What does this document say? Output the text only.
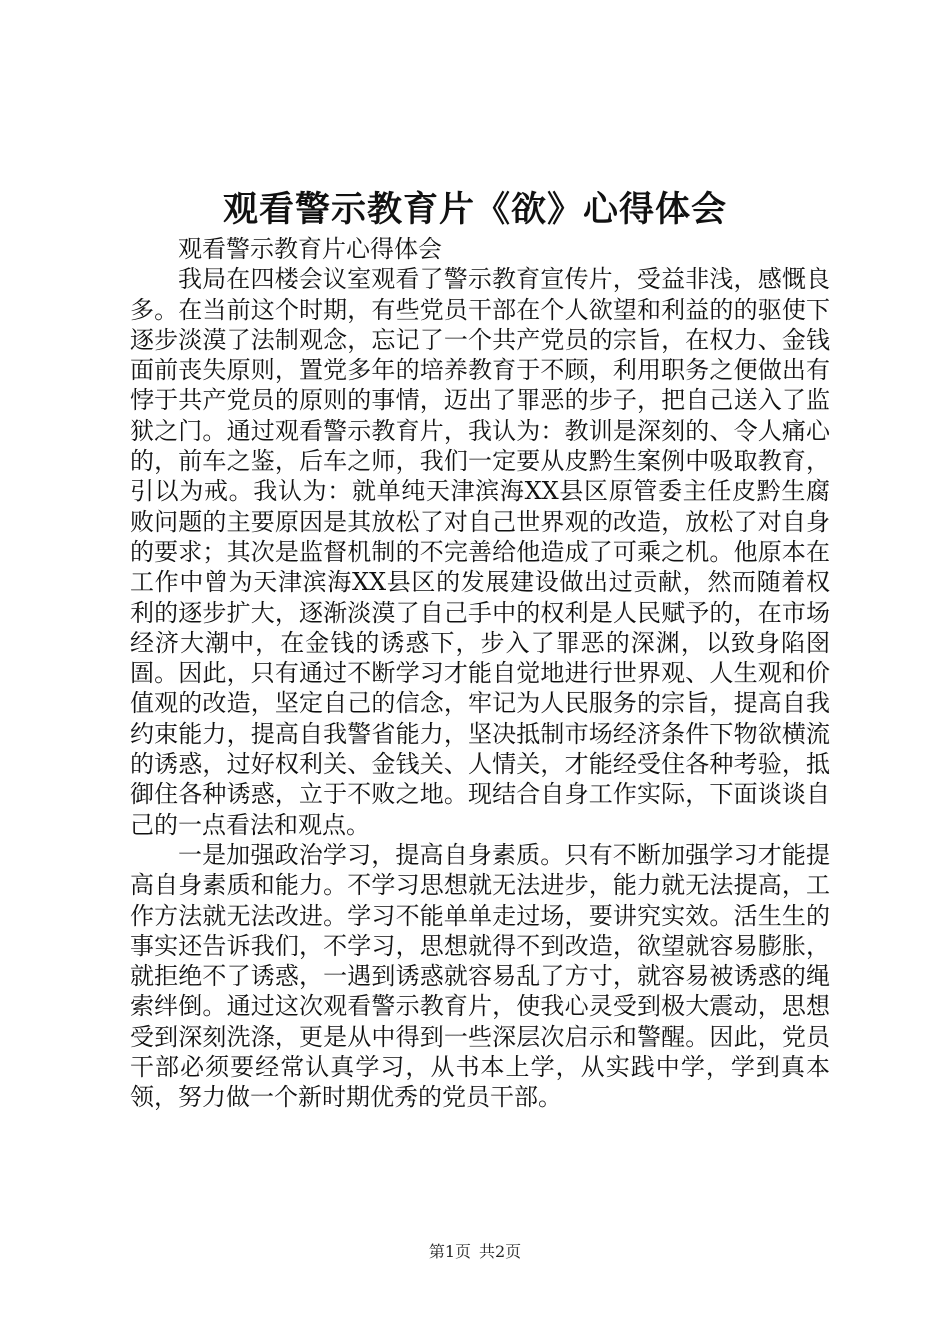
观看警示教育片《欲》心得体会

观看警示教育片心得体会

我局在四楼会议室观看了警示教育宣传片，受益非浅，感慨良多。在当前这个时期，有些党员干部在个人欲望和利益的的驱使下逐步淡漠了法制观念，忘记了一个共产党员的宗旨，在权力、金钱面前丧失原则，置党多年的培养教育于不顾，利用职务之便做出有悖于共产党员的原则的事情，迈出了罪恶的步子，把自己送入了监狱之门。通过观看警示教育片，我认为：教训是深刻的、令人痛心的，前车之鉴，后车之师，我们一定要从皮黔生案例中吸取教育，引以为戒。我认为：就单纯天津滨海XX县区原管委主任皮黔生腐败问题的主要原因是其放松了对自己世界观的改造，放松了对自身的要求；其次是监督机制的不完善给他造成了可乘之机。他原本在工作中曾为天津滨海XX县区的发展建设做出过贡献，然而随着权利的逐步扩大，逐渐淡漠了自己手中的权利是人民赋予的，在市场经济大潮中，在金钱的诱惑下，步入了罪恶的深渊，以致身陷囹圄。因此，只有通过不断学习才能自觉地进行世界观、人生观和价值观的改造，坚定自己的信念，牢记为人民服务的宗旨，提高自我约束能力，提高自我警省能力，坚决抵制市场经济条件下物欲横流的诱惑，过好权利关、金钱关、人情关，才能经受住各种考验，抵御住各种诱惑，立于不败之地。现结合自身工作实际，下面谈谈自己的一点看法和观点。

一是加强政治学习，提高自身素质。只有不断加强学习才能提高自身素质和能力。不学习思想就无法进步，能力就无法提高，工作方法就无法改进。学习不能单单走过场，要讲究实效。活生生的事实还告诉我们，不学习，思想就得不到改造，欲望就容易膨胀，就拒绝不了诱惑，一遇到诱惑就容易乱了方寸，就容易被诱惑的绳索绊倒。通过这次观看警示教育片，使我心灵受到极大震动，思想受到深刻洗涤，更是从中得到一些深层次启示和警醒。因此，党员干部必须要经常认真学习，从书本上学，从实践中学，学到真本领，努力做一个新时期优秀的党员干部。

第1页 共2页
